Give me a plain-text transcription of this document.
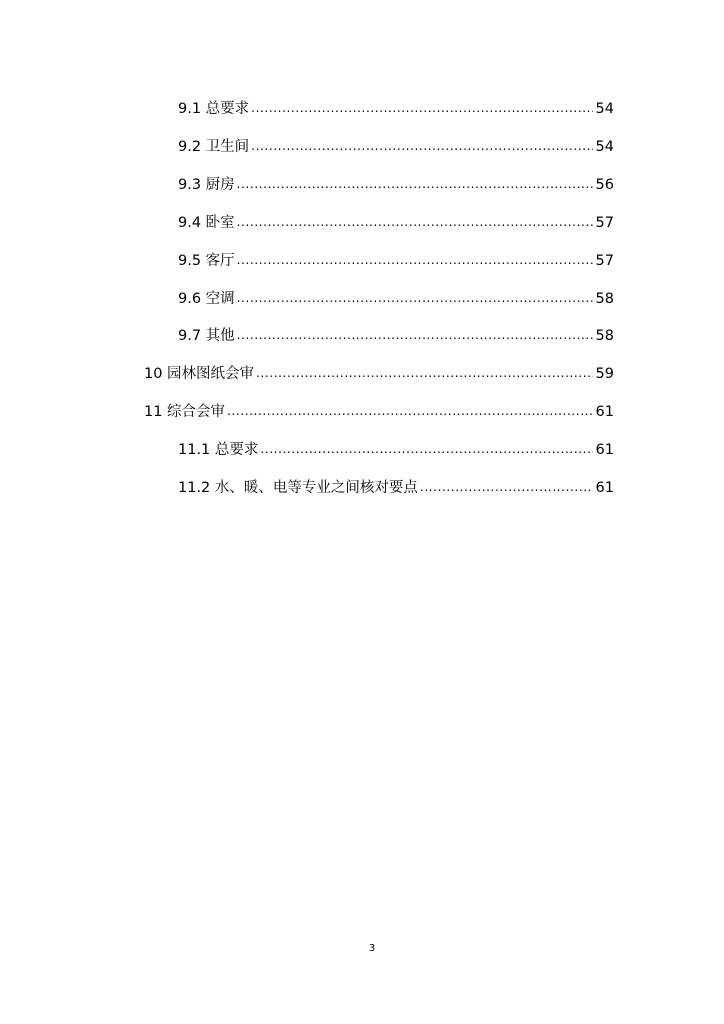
9.1 总要求 .....	54
9.2 卫生间 .....	54
9.3 厨房 .....	56
9.4 卧室 .....	57
9.5 客厅 .....	57
9.6 空调 .....	58
9.7 其他 .....	58
10 园林图纸会审 .....	59
11 综合会审 .....	61
11.1 总要求 .....	61
11.2 水、暖、电等专业之间核对要点 .....	61
3
